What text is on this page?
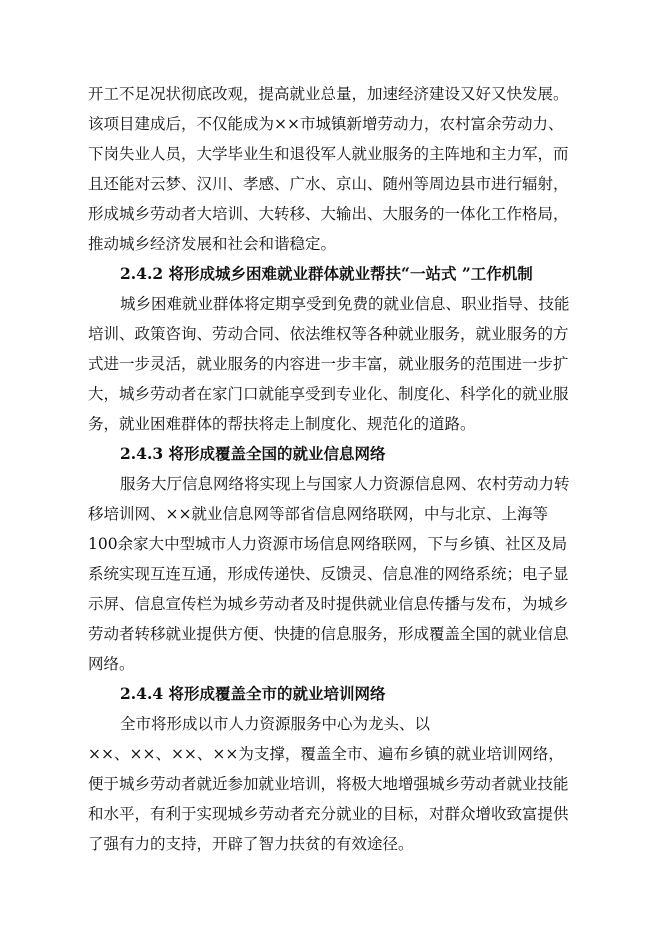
开工不足况状彻底改观，提高就业总量，加速经济建设又好又快发展。
该项目建成后，不仅能成为××市城镇新增劳动力，农村富余劳动力、
下岗失业人员，大学毕业生和退役军人就业服务的主阵地和主力军，而
且还能对云梦、汉川、孝感、广水、京山、随州等周边县市进行辐射，
形成城乡劳动者大培训、大转移、大输出、大服务的一体化工作格局，
推动城乡经济发展和社会和谐稳定。
2.4.2 将形成城乡困难就业群体就业帮扶“一站式 ”工作机制
城乡困难就业群体将定期享受到免费的就业信息、职业指导、技能
培训、政策咨询、劳动合同、依法维权等各种就业服务，就业服务的方
式进一步灵活，就业服务的内容进一步丰富，就业服务的范围进一步扩
大，城乡劳动者在家门口就能享受到专业化、制度化、科学化的就业服
务，就业困难群体的帮扶将走上制度化、规范化的道路。
2.4.3 将形成覆盖全国的就业信息网络
服务大厅信息网络将实现上与国家人力资源信息网、农村劳动力转
移培训网、××就业信息网等部省信息网络联网，中与北京、上海等
100余家大中型城市人力资源市场信息网络联网，下与乡镇、社区及局
系统实现互连互通，形成传递快、反馈灵、信息准的网络系统；电子显
示屏、信息宣传栏为城乡劳动者及时提供就业信息传播与发布，为城乡
劳动者转移就业提供方便、快捷的信息服务，形成覆盖全国的就业信息
网络。
2.4.4 将形成覆盖全市的就业培训网络
全市将形成以市人力资源服务中心为龙头、以
××、××、××、××为支撑，覆盖全市、遍布乡镇的就业培训网络，
便于城乡劳动者就近参加就业培训，将极大地增强城乡劳动者就业技能
和水平，有利于实现城乡劳动者充分就业的目标，对群众增收致富提供
了强有力的支持，开辟了智力扶贫的有效途径。
